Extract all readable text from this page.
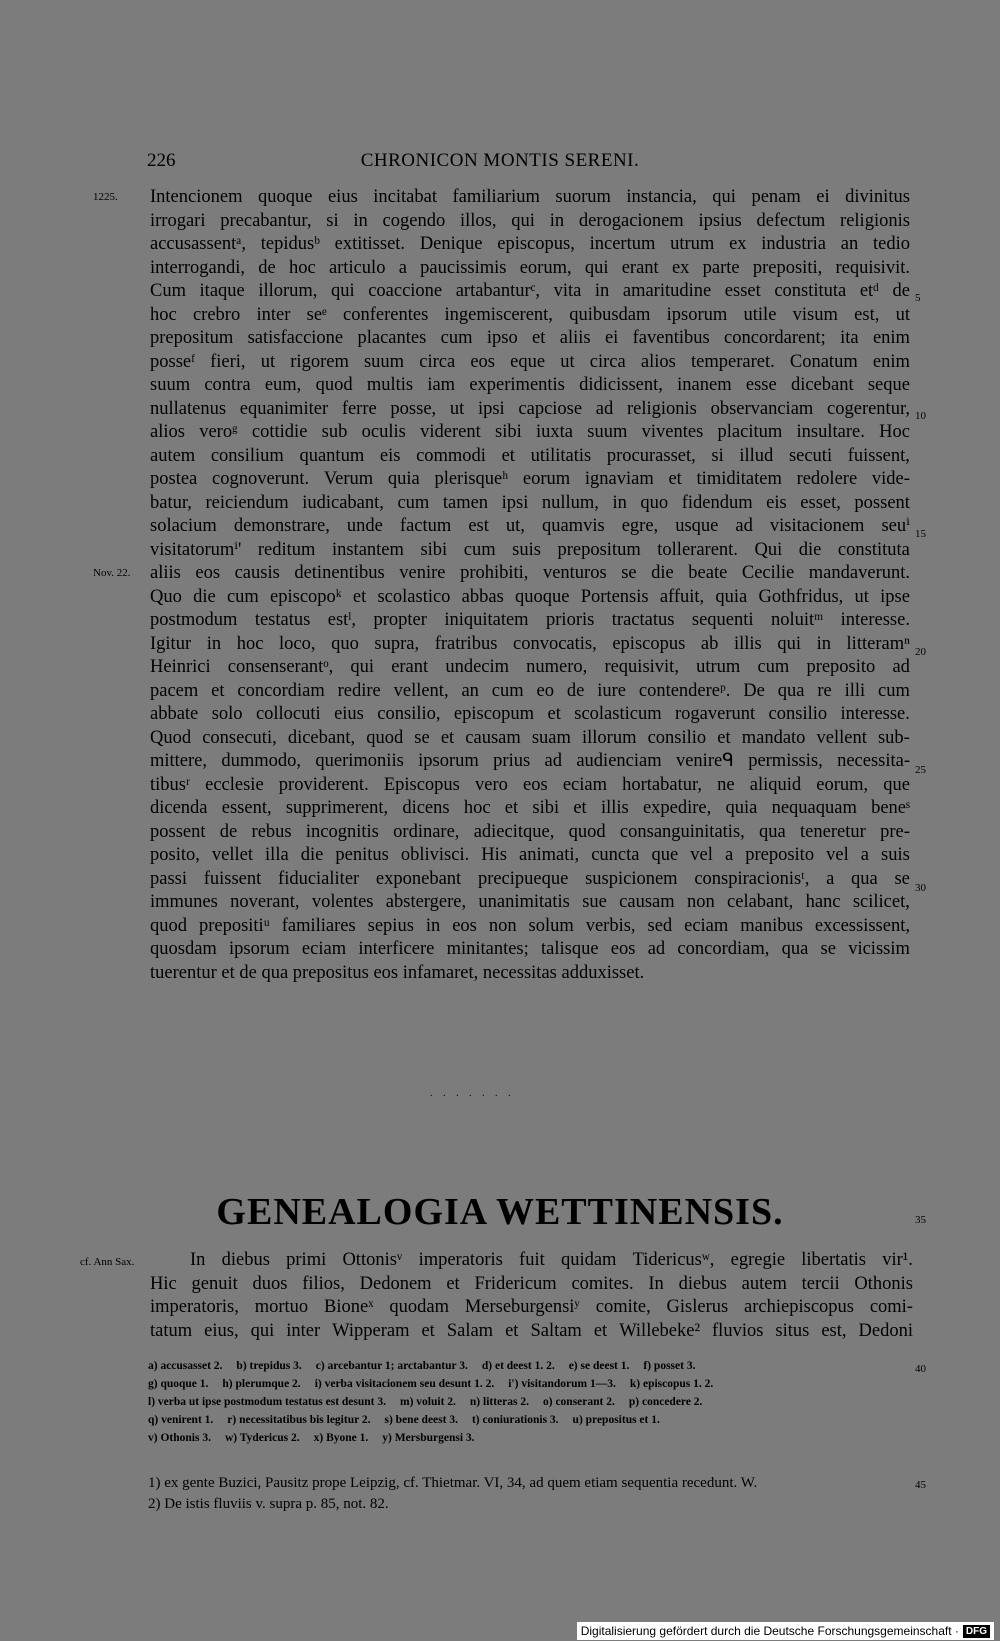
226	CHRONICON MONTIS SERENI.
1225.
Nov. 22.
5
10
15
20
25
30
Intencionem quoque eius incitabat familiarium suorum instancia, qui penam ei divinitus
irrogari precabantur, si in cogendo illos, qui in derogacionem ipsius defectum religionis
accusassentᵃ, tepidusᵇ extitisset. Denique episcopus, incertum utrum ex industria an tedio
interrogandi, de hoc articulo a paucissimis eorum, qui erant ex parte prepositi, requisivit.
Cum itaque illorum, qui coaccione artabanturᶜ, vita in amaritudine esset constituta etᵈ de
hoc crebro inter seᵉ conferentes ingemiscerent, quibusdam ipsorum utile visum est, ut
prepositum satisfaccione placantes cum ipso et aliis ei faventibus concordarent; ita enim
posseᶠ fieri, ut rigorem suum circa eos eque ut circa alios temperaret. Conatum enim
suum contra eum, quod multis iam experimentis didicissent, inanem esse dicebant seque
nullatenus equanimiter ferre posse, ut ipsi capciose ad religionis observanciam cogerentur,
alios veroᵍ cottidie sub oculis viderent sibi iuxta suum viventes placitum insultare. Hoc
autem consilium quantum eis commodi et utilitatis procurasset, si illud secuti fuissent,
postea cognoverunt. Verum quia plerisqueʰ eorum ignaviam et timiditatem redolere vide-
batur, reiciendum iudicabant, cum tamen ipsi nullum, in quo fidendum eis esset, possent
solacium demonstrare, unde factum est ut, quamvis egre, usque ad visitacionem seuⁱ
visitatorumⁱ' reditum instantem sibi cum suis prepositum tollerarent. Qui die constituta
aliis eos causis detinentibus venire prohibiti, venturos se die beate Cecilie mandaverunt.
Quo die cum episcopoᵏ et scolastico abbas quoque Portensis affuit, quia Gothfridus, ut ipse
postmodum testatus estˡ, propter iniquitatem prioris tractatus sequenti noluitᵐ interesse.
Igitur in hoc loco, quo supra, fratribus convocatis, episcopus ab illis qui in litteramⁿ
Heinrici consenserantᵒ, qui erant undecim numero, requisivit, utrum cum preposito ad
pacem et concordiam redire vellent, an cum eo de iure contendereᵖ. De qua re illi cum
abbate solo collocuti eius consilio, episcopum et scolasticum rogaverunt consilio interesse.
Quod consecuti, dicebant, quod se et causam suam illorum consilio et mandato vellent sub-
mittere, dummodo, querimoniis ipsorum prius ad audienciam venireᑫ permissis, necessita-
tibusʳ ecclesie providerent. Episcopus vero eos eciam hortabatur, ne aliquid eorum, que
dicenda essent, supprimerent, dicens hoc et sibi et illis expedire, quia nequaquam beneˢ
possent de rebus incognitis ordinare, adiecitque, quod consanguinitatis, qua teneretur pre-
posito, vellet illa die penitus oblivisci. His animati, cuncta que vel a preposito vel a suis
passi fuissent fiducialiter exponebant precipueque suspicionem conspiracionisᵗ, a qua se
immunes noverant, volentes abstergere, unanimitatis sue causam non celabant, hanc scilicet,
quod prepositiᵘ familiares sepius in eos non solum verbis, sed eciam manibus excessissent,
quosdam ipsorum eciam interficere minitantes; talisque eos ad concordiam, qua se vicissim
tuerentur et de qua prepositus eos infamaret, necessitas adduxisset.
. . . . . . .
GENEALOGIA WETTINENSIS.	35
cf. Ann Sax.	In diebus primi Ottonisᵛ imperatoris fuit quidam Tidericusʷ, egregie libertatis vir¹.
Hic genuit duos filios, Dedonem et Fridericum comites. In diebus autem tercii Othonis
imperatoris, mortuo Bioneˣ quodam Merseburgensiʸ comite, Gislerus archiepiscopus comi-
tatum eius, qui inter Wipperam et Salam et Saltam et Willebeke² fluvios situs est, Dedoni
a) accusasset 2. b) trepidus 3. c) arcebantur 1; arctabantur 3. d) et deest 1. 2. e) se deest 1. f) posset 3.
g) quoque 1. h) plerumque 2. i) verba visitacionem seu desunt 1. 2. i') visitandorum 1—3. k) episcopus 1. 2.
l) verba ut ipse postmodum testatus est desunt 3. m) voluit 2. n) litteras 2. o) conserant 2. p) concedere 2.
q) venirent 1. r) necessitatibus bis legitur 2. s) bene deest 3. t) coniurationis 3. u) prepositus et 1.
v) Othonis 3. w) Tydericus 2. x) Byone 1. y) Mersburgensi 3.
40
1) ex gente Buzici, Pausitz prope Leipzig, cf. Thietmar. VI, 34, ad quem etiam sequentia recedunt. W.
2) De istis fluviis v. supra p. 85, not. 82.
45
Digitalisierung gefördert durch die Deutsche Forschungsgemeinschaft · DFG
